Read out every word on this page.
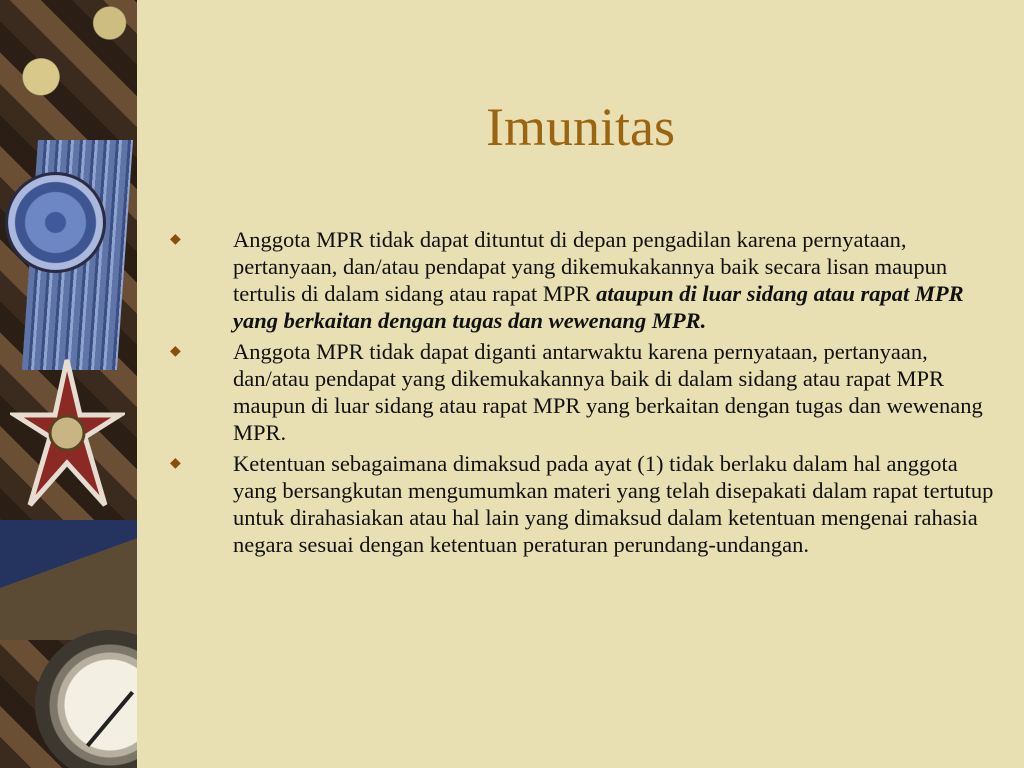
Imunitas
◆	Anggota MPR tidak dapat dituntut di depan pengadilan karena pernyataan, pertanyaan, dan/atau pendapat yang dikemukakannya baik secara lisan maupun tertulis di dalam sidang atau rapat MPR ataupun di luar sidang atau rapat MPR yang berkaitan dengan tugas dan wewenang MPR.
◆	Anggota MPR tidak dapat diganti antarwaktu karena pernyataan, pertanyaan, dan/atau pendapat yang dikemukakannya baik di dalam sidang atau rapat MPR maupun di luar sidang atau rapat MPR yang berkaitan dengan tugas dan wewenang MPR.
◆	Ketentuan sebagaimana dimaksud pada ayat (1) tidak berlaku dalam hal anggota yang bersangkutan mengumumkan materi yang telah disepakati dalam rapat tertutup untuk dirahasiakan atau hal lain yang dimaksud dalam ketentuan mengenai rahasia negara sesuai dengan ketentuan peraturan perundang-undangan.
